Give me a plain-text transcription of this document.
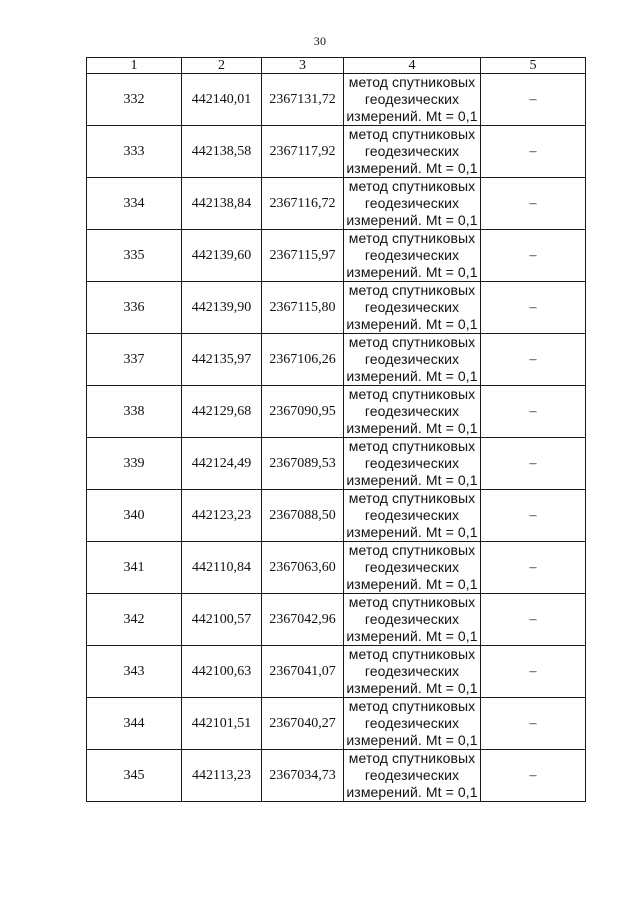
30
1	2	3	4	5
332	442140,01	2367131,72	метод спутниковых
геодезических
измерений. Mt = 0,1	–
333	442138,58	2367117,92	метод спутниковых
геодезических
измерений. Mt = 0,1	–
334	442138,84	2367116,72	метод спутниковых
геодезических
измерений. Mt = 0,1	–
335	442139,60	2367115,97	метод спутниковых
геодезических
измерений. Mt = 0,1	–
336	442139,90	2367115,80	метод спутниковых
геодезических
измерений. Mt = 0,1	–
337	442135,97	2367106,26	метод спутниковых
геодезических
измерений. Mt = 0,1	–
338	442129,68	2367090,95	метод спутниковых
геодезических
измерений. Mt = 0,1	–
339	442124,49	2367089,53	метод спутниковых
геодезических
измерений. Mt = 0,1	–
340	442123,23	2367088,50	метод спутниковых
геодезических
измерений. Mt = 0,1	–
341	442110,84	2367063,60	метод спутниковых
геодезических
измерений. Mt = 0,1	–
342	442100,57	2367042,96	метод спутниковых
геодезических
измерений. Mt = 0,1	–
343	442100,63	2367041,07	метод спутниковых
геодезических
измерений. Mt = 0,1	–
344	442101,51	2367040,27	метод спутниковых
геодезических
измерений. Mt = 0,1	–
345	442113,23	2367034,73	метод спутниковых
геодезических
измерений. Mt = 0,1	–
